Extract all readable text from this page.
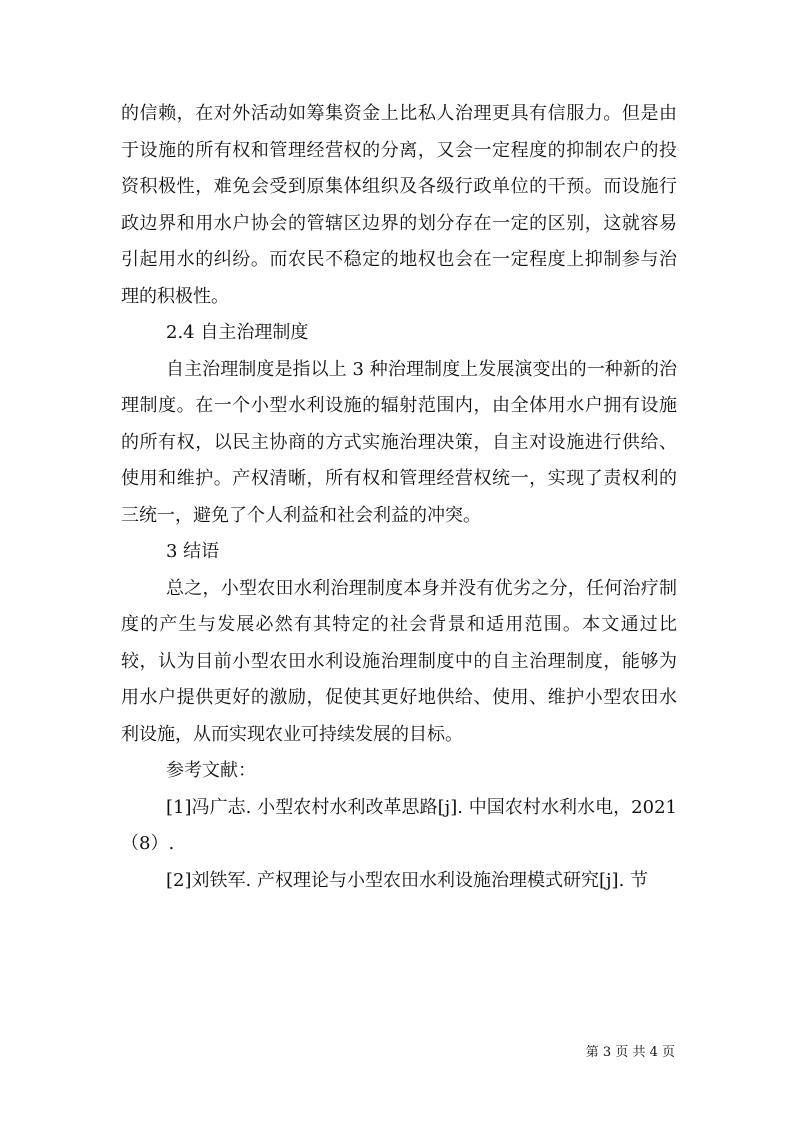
的信赖，在对外活动如筹集资金上比私人治理更具有信服力。但是由于设施的所有权和管理经营权的分离，又会一定程度的抑制农户的投资积极性，难免会受到原集体组织及各级行政单位的干预。而设施行政边界和用水户协会的管辖区边界的划分存在一定的区别，这就容易引起用水的纠纷。而农民不稳定的地权也会在一定程度上抑制参与治理的积极性。

2.4 自主治理制度

自主治理制度是指以上 3 种治理制度上发展演变出的一种新的治理制度。在一个小型水利设施的辐射范围内，由全体用水户拥有设施的所有权，以民主协商的方式实施治理决策，自主对设施进行供给、使用和维护。产权清晰，所有权和管理经营权统一，实现了责权利的三统一，避免了个人利益和社会利益的冲突。

3 结语

总之，小型农田水利治理制度本身并没有优劣之分，任何治疗制度的产生与发展必然有其特定的社会背景和适用范围。本文通过比较，认为目前小型农田水利设施治理制度中的自主治理制度，能够为用水户提供更好的激励，促使其更好地供给、使用、维护小型农田水利设施，从而实现农业可持续发展的目标。

参考文献：

[1]冯广志. 小型农村水利改革思路[j]. 中国农村水利水电，2021（8）.

[2]刘铁军. 产权理论与小型农田水利设施治理模式研究[j]. 节

第 3 页 共 4 页
